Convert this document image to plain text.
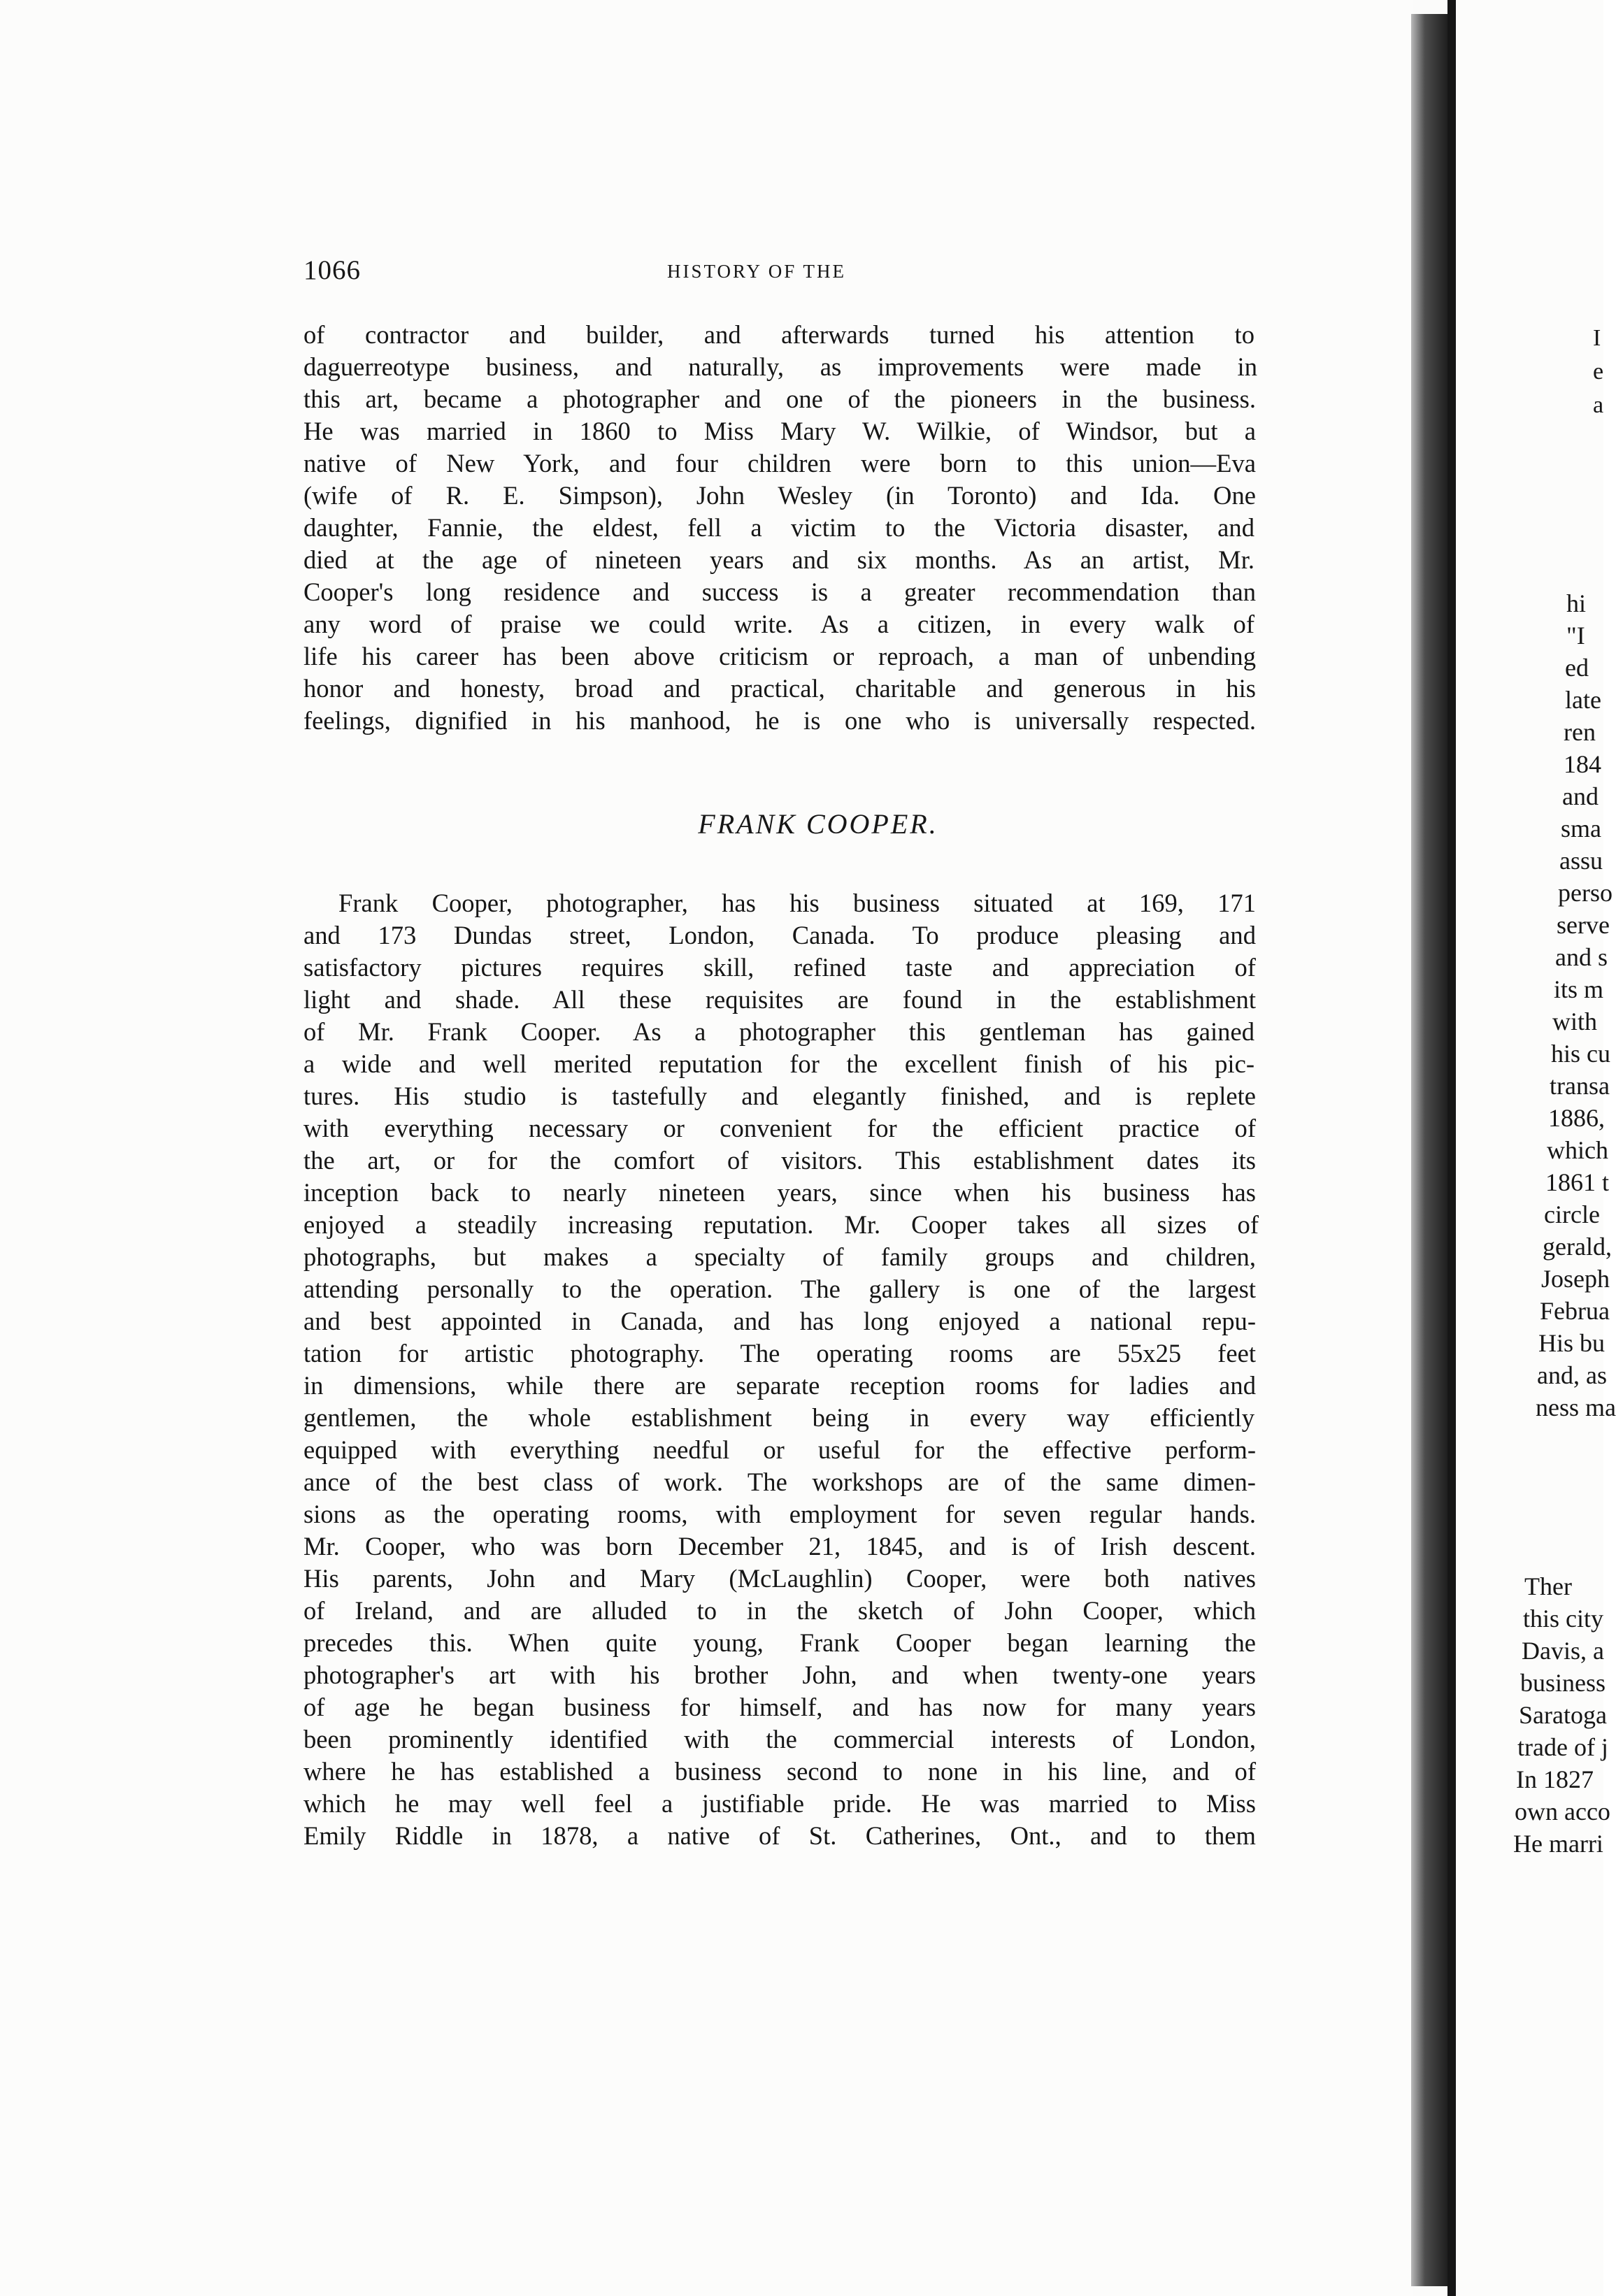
1066	HISTORY OF THE
of contractor and builder, and afterwards turned his attention to
daguerreotype business, and naturally, as improvements were made in
this art, became a photographer and one of the pioneers in the business.
He was married in 1860 to Miss Mary W. Wilkie, of Windsor, but a
native of New York, and four children were born to this union—Eva
(wife of R. E. Simpson), John Wesley (in Toronto) and Ida. One
daughter, Fannie, the eldest, fell a victim to the Victoria disaster, and
died at the age of nineteen years and six months. As an artist, Mr.
Cooper's long residence and success is a greater recommendation than
any word of praise we could write. As a citizen, in every walk of
life his career has been above criticism or reproach, a man of unbending
honor and honesty, broad and practical, charitable and generous in his
feelings, dignified in his manhood, he is one who is universally respected.
FRANK COOPER.
Frank Cooper, photographer, has his business situated at 169, 171
and 173 Dundas street, London, Canada. To produce pleasing and
satisfactory pictures requires skill, refined taste and appreciation of
light and shade. All these requisites are found in the establishment
of Mr. Frank Cooper. As a photographer this gentleman has gained
a wide and well merited reputation for the excellent finish of his pic-
tures. His studio is tastefully and elegantly finished, and is replete
with everything necessary or convenient for the efficient practice of
the art, or for the comfort of visitors. This establishment dates its
inception back to nearly nineteen years, since when his business has
enjoyed a steadily increasing reputation. Mr. Cooper takes all sizes of
photographs, but makes a specialty of family groups and children,
attending personally to the operation. The gallery is one of the largest
and best appointed in Canada, and has long enjoyed a national repu-
tation for artistic photography. The operating rooms are 55x25 feet
in dimensions, while there are separate reception rooms for ladies and
gentlemen, the whole establishment being in every way efficiently
equipped with everything needful or useful for the effective perform-
ance of the best class of work. The workshops are of the same dimen-
sions as the operating rooms, with employment for seven regular hands.
Mr. Cooper, who was born December 21, 1845, and is of Irish descent.
His parents, John and Mary (McLaughlin) Cooper, were both natives
of Ireland, and are alluded to in the sketch of John Cooper, which
precedes this. When quite young, Frank Cooper began learning the
photographer's art with his brother John, and when twenty-one years
of age he began business for himself, and has now for many years
been prominently identified with the commercial interests of London,
where he has established a business second to none in his line, and of
which he may well feel a justifiable pride. He was married to Miss
Emily Riddle in 1878, a native of St. Catherines, Ont., and to them
I
e
a
hi
"I
ed
late
ren
184
and
sma
assu
perso
serve
and s
its m
with
his cu
transa
1886,
which
1861 t
circle
gerald,
Joseph
Februa
His bu
and, as
ness ma
Ther
this city
Davis, a
business
Saratoga
trade of j
In 1827
own acco
He marri
